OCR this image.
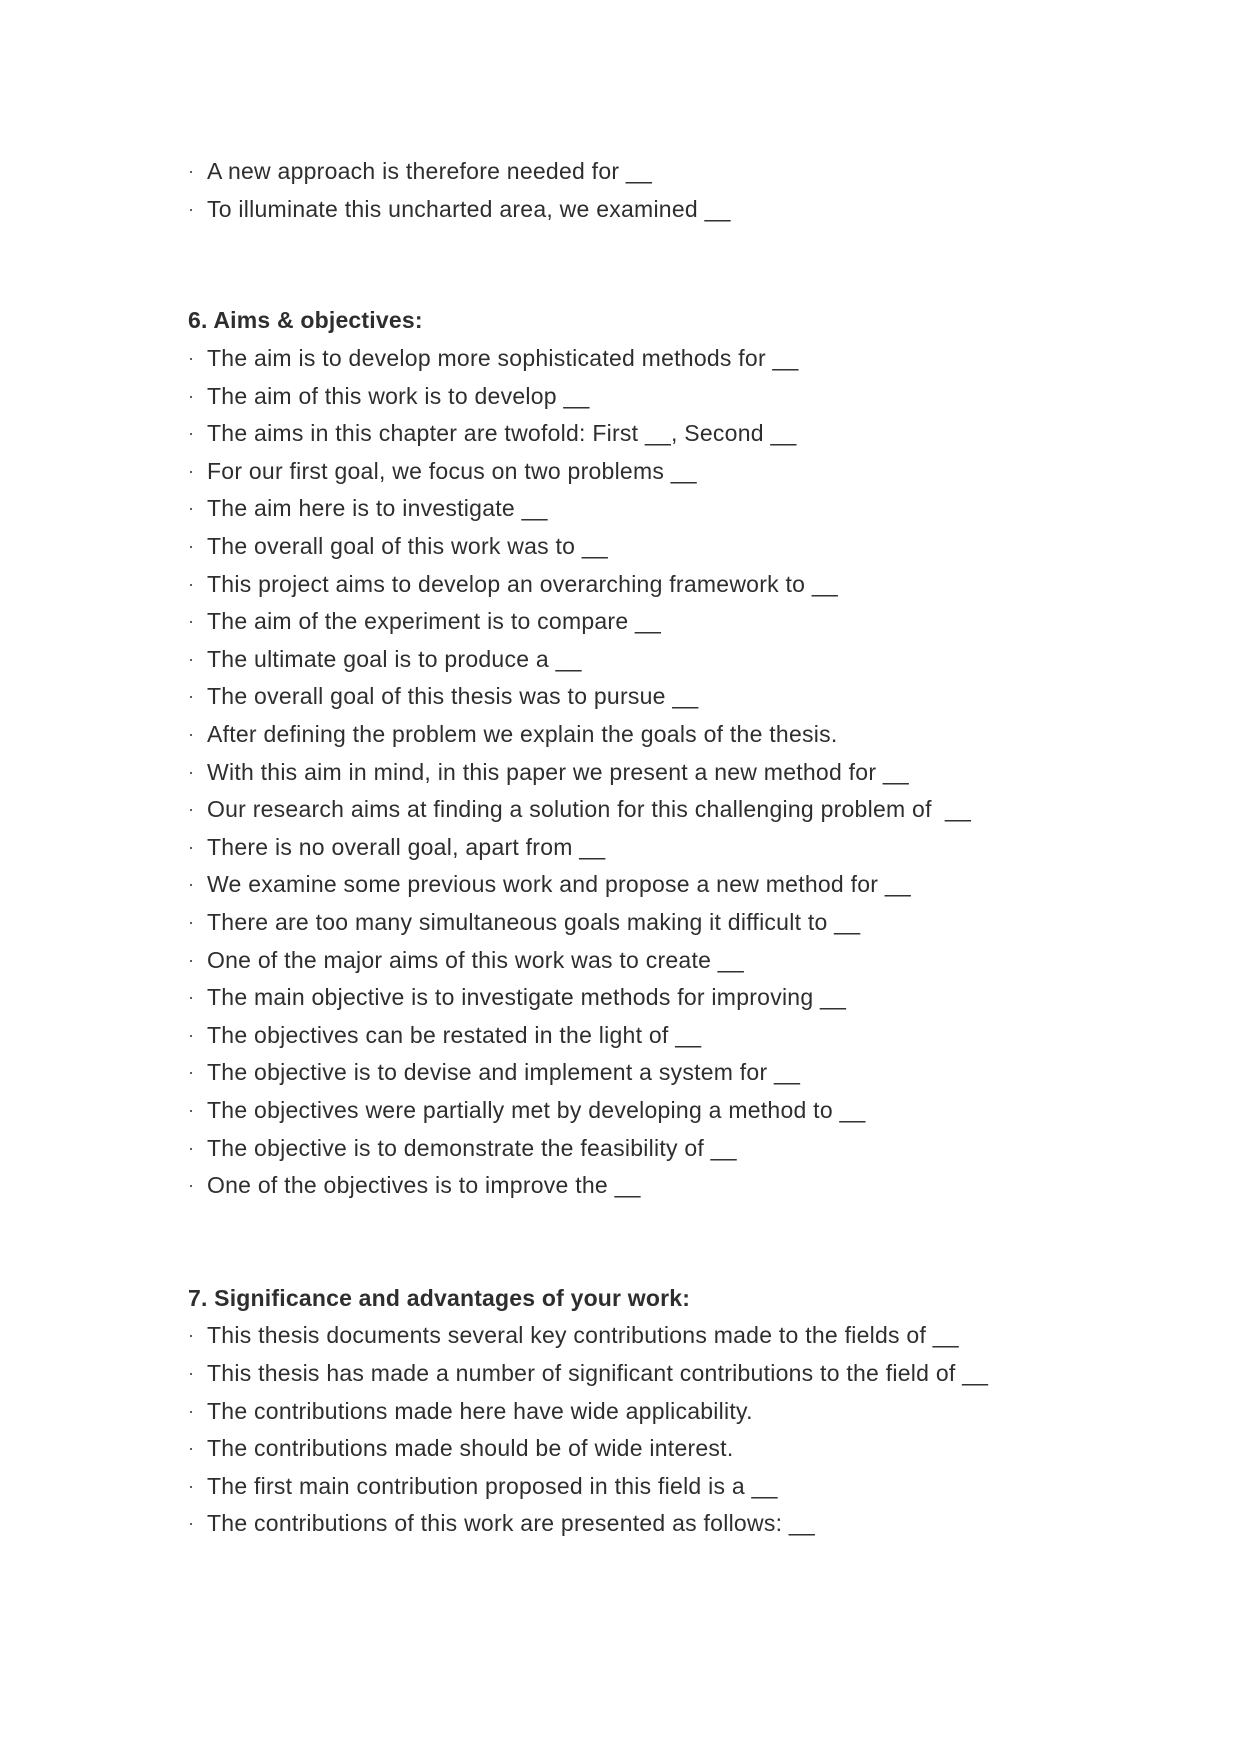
· A new approach is therefore needed for __
· To illuminate this uncharted area, we examined __
6. Aims & objectives:
· The aim is to develop more sophisticated methods for __
· The aim of this work is to develop __
· The aims in this chapter are twofold: First __, Second __
· For our first goal, we focus on two problems __
· The aim here is to investigate __
· The overall goal of this work was to __
· This project aims to develop an overarching framework to __
· The aim of the experiment is to compare __
· The ultimate goal is to produce a __
· The overall goal of this thesis was to pursue __
· After defining the problem we explain the goals of the thesis.
· With this aim in mind, in this paper we present a new method for __
· Our research aims at finding a solution for this challenging problem of  __
· There is no overall goal, apart from __
· We examine some previous work and propose a new method for __
· There are too many simultaneous goals making it difficult to __
· One of the major aims of this work was to create __
· The main objective is to investigate methods for improving __
· The objectives can be restated in the light of __
· The objective is to devise and implement a system for __
· The objectives were partially met by developing a method to __
· The objective is to demonstrate the feasibility of __
· One of the objectives is to improve the __
7. Significance and advantages of your work:
· This thesis documents several key contributions made to the fields of __
· This thesis has made a number of significant contributions to the field of __
· The contributions made here have wide applicability.
· The contributions made should be of wide interest.
· The first main contribution proposed in this field is a __
· The contributions of this work are presented as follows: __
